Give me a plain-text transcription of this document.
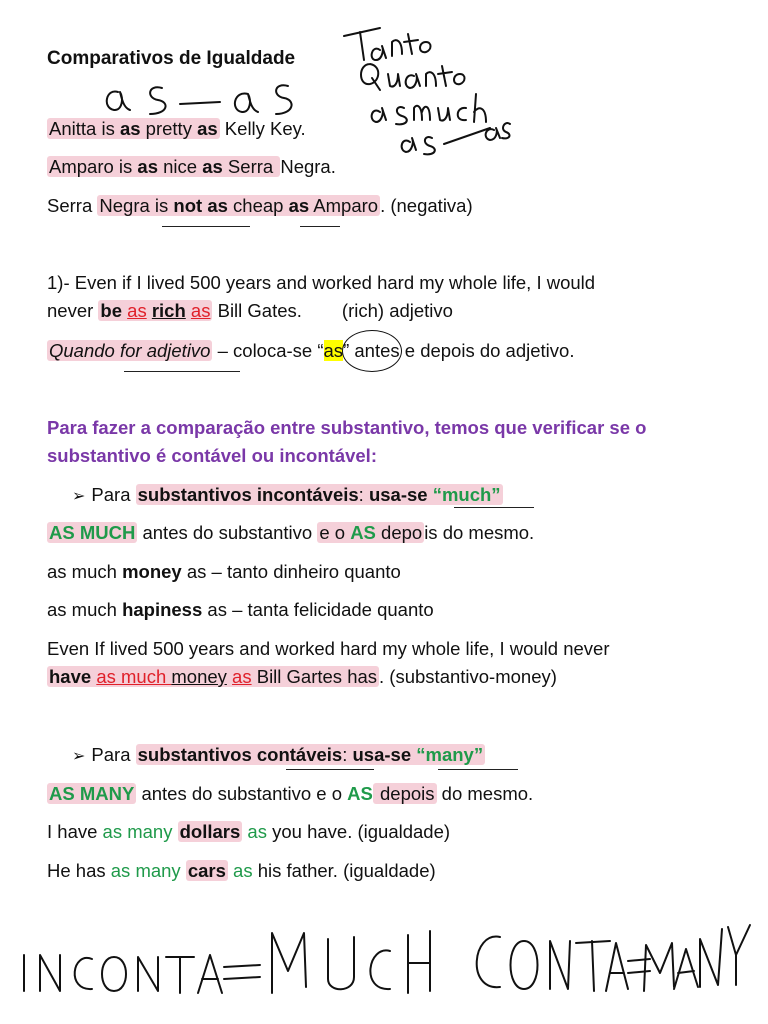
Comparativos de Igualdade
Anitta is as pretty as Kelly Key.
Amparo is as nice as Serra Negra.
Serra Negra is not as cheap as Amparo . (negativa)
1)- Even if I lived 500 years and worked hard my whole life, I would
never be as rich as Bill Gates. (rich) adjetivo
Quando for adjetivo – coloca-se “as” antes e depois do adjetivo.
Para fazer a comparação entre substantivo, temos que verificar se o
substantivo é contável ou incontável:
➢ Para substantivos incontáveis: usa-se “much”
AS MUCH antes do substantivo e o AS depo is do mesmo.
as much money as – tanto dinheiro quanto
as much hapiness as – tanta felicidade quanto
Even If lived 500 years and worked hard my whole life, I would never
have as much money as Bill Gartes has . (substantivo-money)
➢ Para substantivos contáveis: usa-se “many”
AS MANY antes do substantivo e o AS depois do mesmo.
I have as many dollars as you have. (igualdade)
He has as many cars as his father. (igualdade)
